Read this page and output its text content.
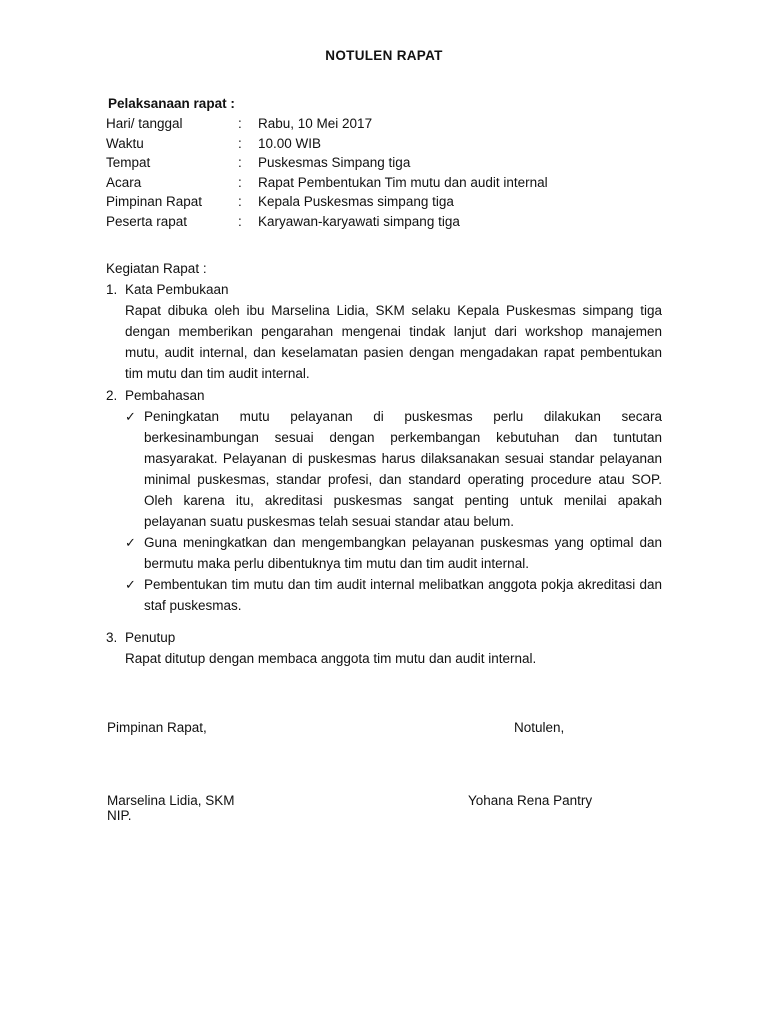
NOTULEN RAPAT
Pelaksanaan rapat :
Hari/ tanggal	: Rabu, 10 Mei 2017
Waktu	: 10.00 WIB
Tempat	: Puskesmas Simpang tiga
Acara	: Rapat Pembentukan Tim mutu dan audit internal
Pimpinan Rapat	: Kepala Puskesmas simpang tiga
Peserta rapat	: Karyawan-karyawati simpang tiga
Kegiatan Rapat :
1. Kata Pembukaan

Rapat dibuka oleh ibu Marselina Lidia, SKM selaku Kepala Puskesmas simpang tiga dengan memberikan pengarahan mengenai tindak lanjut dari workshop manajemen mutu, audit internal, dan keselamatan pasien dengan mengadakan rapat pembentukan tim mutu dan tim audit internal.

2. Pembahasan
✓ Peningkatan mutu pelayanan di puskesmas perlu dilakukan secara berkesinambungan sesuai dengan perkembangan kebutuhan dan tuntutan masyarakat. Pelayanan di puskesmas harus dilaksanakan sesuai standar pelayanan minimal puskesmas, standar profesi, dan standard operating procedure atau SOP. Oleh karena itu, akreditasi puskesmas sangat penting untuk menilai apakah pelayanan suatu puskesmas telah sesuai standar atau belum.
✓ Guna meningkatkan dan mengembangkan pelayanan puskesmas yang optimal dan bermutu maka perlu dibentuknya tim mutu dan tim audit internal.
✓ Pembentukan tim mutu dan tim audit internal melibatkan anggota pokja akreditasi dan staf puskesmas.
3. Penutup

Rapat ditutup dengan membaca anggota tim mutu dan audit internal.

Pimpinan Rapat,	Notulen,
Marselina Lidia, SKM
NIP.
Yohana Rena Pantry
